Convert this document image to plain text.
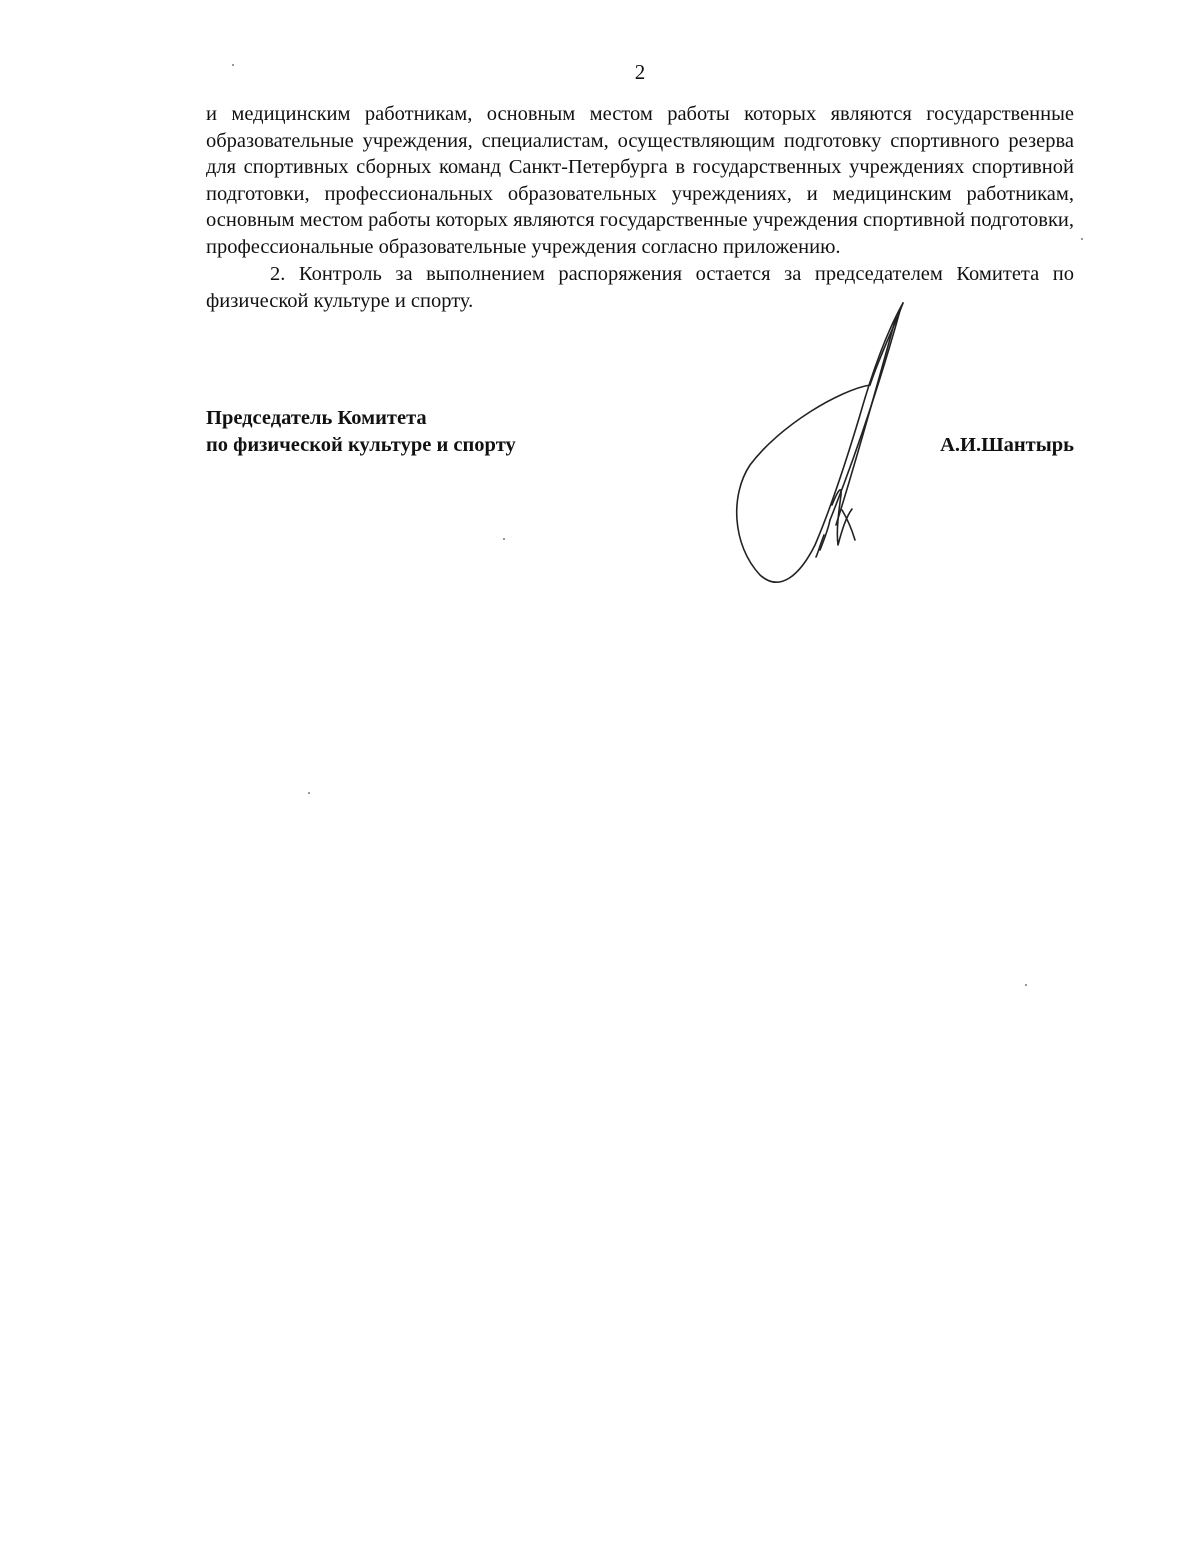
2

и медицинским работникам, основным местом работы которых являются государственные образовательные учреждения, специалистам, осуществляющим подготовку спортивного резерва для спортивных сборных команд Санкт-Петербурга в государственных учреждениях спортивной подготовки, профессиональных образовательных учреждениях, и медицинским работникам, основным местом работы которых являются государственные учреждения спортивной подготовки, профессиональные образовательные учреждения согласно приложению.

2. Контроль за выполнением распоряжения остается за председателем Комитета по физической культуре и спорту.

Председатель Комитета
по физической культуре и спорту	А.И.Шантырь
